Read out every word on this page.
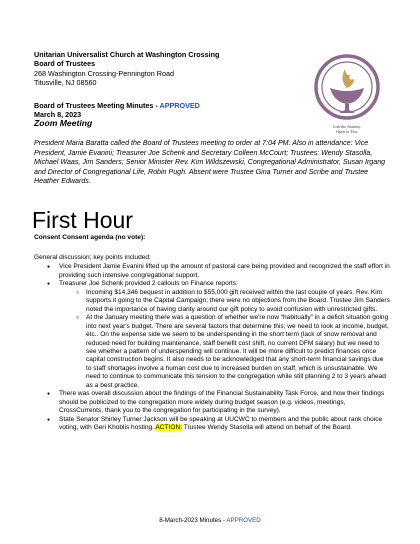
Unitarian Universalist Church at Washington Crossing
Board of Trustees
268 Washington Crossing-Pennington Road
Titusville, NJ 08560
Join the Journey.
Open to You.
Board of Trustees Meeting Minutes - APPROVED
March 8, 2023
Zoom Meeting
President Maria Baratta called the Board of Trustees meeting to order at 7:04 PM. Also in attendance: Vice President, Jamie Evanini; Treasurer Joe Schenk and Secretary Colleen McCourt; Trustees: Wendy Stasolla, Michael Waas, Jim Sanders; Senior Minister Rev. Kim Wildszewski, Congregational Administrator, Susan Irgang and Director of Congregational Life, Robin Pugh. Absent were Trustee Gina Turner and Scribe and Trustee Heather Edwards.
First Hour
Consent Consent agenda (no vote):
General discussion; key points included:
● Vice President Jamie Evanini lifted up the amount of pastoral care being provided and recognized the staff effort in providing such intensive congregational support.
● Treasurer Joe Schenk provided 2 callouts on Finance reports:
○ Incoming $14,346 bequest in addition to $55,000 gift received within the last couple of years. Rev. Kim supports it going to the Capital Campaign; there were no objections from the Board. Trustee Jim Sanders noted the importance of having clarity around our gift policy to avoid confusion with unrestricted gifts.
○ At the January meeting there was a question of whether we're now “habitually” in a deficit situation going into next year's budget. There are several factors that determine this; we need to look at income, budget, etc.. On the expense side we seem to be underspending in the short term (lack of snow removal and reduced need for building maintenance, staff benefit cost shift, no current DFM salary) but we need to see whether a pattern of underspending will continue. It will be more difficult to predict finances once capital construction begins. It also needs to be acknowledged that any short-term financial savings due to staff shortages involve a human cost due to increased burden on staff, which is unsustainable. We need to continue to communicate this tension to the congregation while still planning 2 to 3 years ahead as a best practice.
● There was overall discussion about the findings of the Financial Sustainability Task Force, and how their findings should be publicized to the congregation more widely during budget season (e.g. videos, meetings, CrossCurrents, thank you to the congregation for participating in the survey).
● State Senator Shirley Turner Jackson will be speaking at UUCWC to members and the public about rank choice voting, with Geri Khoblis hosting. ACTION: Trustee Wendy Stasolla will attend on behalf of the Board.
8-March-2023 Minutes - APPROVED
